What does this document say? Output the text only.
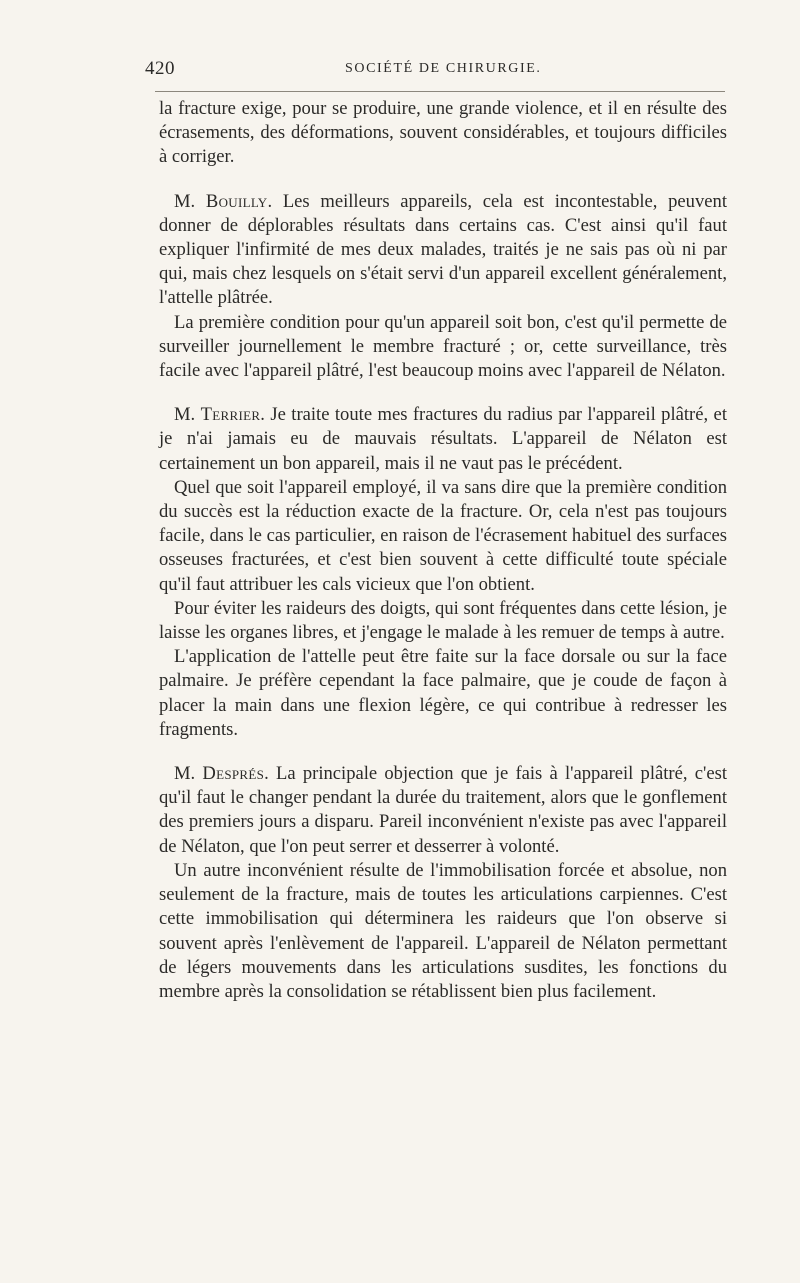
420	SOCIÉTÉ DE CHIRURGIE.

la fracture exige, pour se produire, une grande violence, et il en résulte des écrasements, des déformations, souvent considérables, et toujours difficiles à corriger.

M. Bouilly. Les meilleurs appareils, cela est incontestable, peuvent donner de déplorables résultats dans certains cas. C'est ainsi qu'il faut expliquer l'infirmité de mes deux malades, traités je ne sais pas où ni par qui, mais chez lesquels on s'était servi d'un appareil excellent généralement, l'attelle plâtrée.

La première condition pour qu'un appareil soit bon, c'est qu'il permette de surveiller journellement le membre fracturé ; or, cette surveillance, très facile avec l'appareil plâtré, l'est beaucoup moins avec l'appareil de Nélaton.

M. Terrier. Je traite toute mes fractures du radius par l'appareil plâtré, et je n'ai jamais eu de mauvais résultats. L'appareil de Nélaton est certainement un bon appareil, mais il ne vaut pas le précédent.

Quel que soit l'appareil employé, il va sans dire que la première condition du succès est la réduction exacte de la fracture. Or, cela n'est pas toujours facile, dans le cas particulier, en raison de l'écrasement habituel des surfaces osseuses fracturées, et c'est bien souvent à cette difficulté toute spéciale qu'il faut attribuer les cals vicieux que l'on obtient.

Pour éviter les raideurs des doigts, qui sont fréquentes dans cette lésion, je laisse les organes libres, et j'engage le malade à les remuer de temps à autre.

L'application de l'attelle peut être faite sur la face dorsale ou sur la face palmaire. Je préfère cependant la face palmaire, que je coude de façon à placer la main dans une flexion légère, ce qui contribue à redresser les fragments.

M. Després. La principale objection que je fais à l'appareil plâtré, c'est qu'il faut le changer pendant la durée du traitement, alors que le gonflement des premiers jours a disparu. Pareil inconvénient n'existe pas avec l'appareil de Nélaton, que l'on peut serrer et desserrer à volonté.

Un autre inconvénient résulte de l'immobilisation forcée et absolue, non seulement de la fracture, mais de toutes les articulations carpiennes. C'est cette immobilisation qui déterminera les raideurs que l'on observe si souvent après l'enlèvement de l'appareil. L'appareil de Nélaton permettant de légers mouvements dans les articulations susdites, les fonctions du membre après la consolidation se rétablissent bien plus facilement.
